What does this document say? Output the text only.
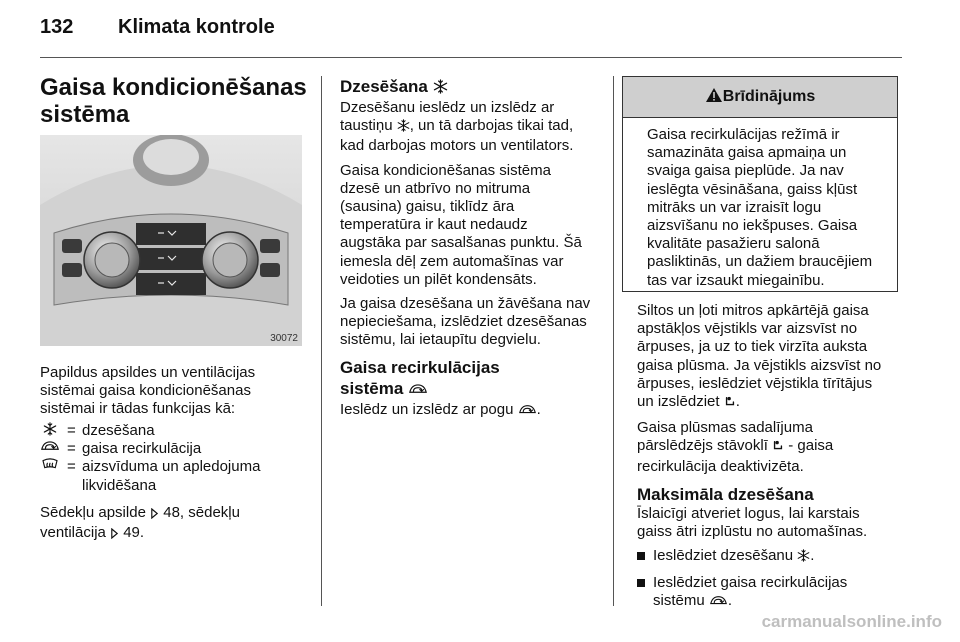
132 Klimata kontrole
Gaisa kondicionēšanas
sistēma
30072
Papildus apsildes un ventilācijas
sistēmai gaisa kondicionēšanas
sistēmai ir tādas funkcijas kā:
= dzesēšana
= gaisa recirkulācija
= aizsvīduma un apledojuma
likvidēšana
Sēdekļu apsilde  48, sēdekļu
ventilācija  49.
Dzesēšana
Dzesēšanu ieslēdz un izslēdz ar
taustiņu , un tā darbojas tikai tad,
kad darbojas motors un ventilators.
Gaisa kondicionēšanas sistēma
dzesē un atbrīvo no mitruma
(sausina) gaisu, tiklīdz āra
temperatūra ir kaut nedaudz
augstāka par sasalšanas punktu. Šā
iemesla dēļ zem automašīnas var
veidoties un pilēt kondensāts.
Ja gaisa dzesēšana un žāvēšana nav
nepieciešama, izslēdziet dzesēšanas
sistēmu, lai ietaupītu degvielu.
Gaisa recirkulācijas
sistēma
Ieslēdz un izslēdz ar pogu .
Brīdinājums
Gaisa recirkulācijas režīmā ir
samazināta gaisa apmaiņa un
svaiga gaisa pieplūde. Ja nav
ieslēgta vēsināšana, gaiss kļūst
mitrāks un var izraisīt logu
aizsvīšanu no iekšpuses. Gaisa
kvalitāte pasažieru salonā
pasliktinās, un dažiem braucējiem
tas var izsaukt miegainību.
Siltos un ļoti mitros apkārtējā gaisa
apstākļos vējstikls var aizsvīst no
ārpuses, ja uz to tiek virzīta auksta
gaisa plūsma. Ja vējstikls aizsvīst no
ārpuses, ieslēdziet vējstikla tīrītājus
un izslēdziet .
Gaisa plūsmas sadalījuma
pārslēdzējs stāvoklī  - gaisa
recirkulācija deaktivizēta.
Maksimāla dzesēšana
Īslaicīgi atveriet logus, lai karstais
gaiss ātri izplūstu no automašīnas.
Ieslēdziet dzesēšanu .
Ieslēdziet gaisa recirkulācijas
sistēmu .
carmanualsonline.info
